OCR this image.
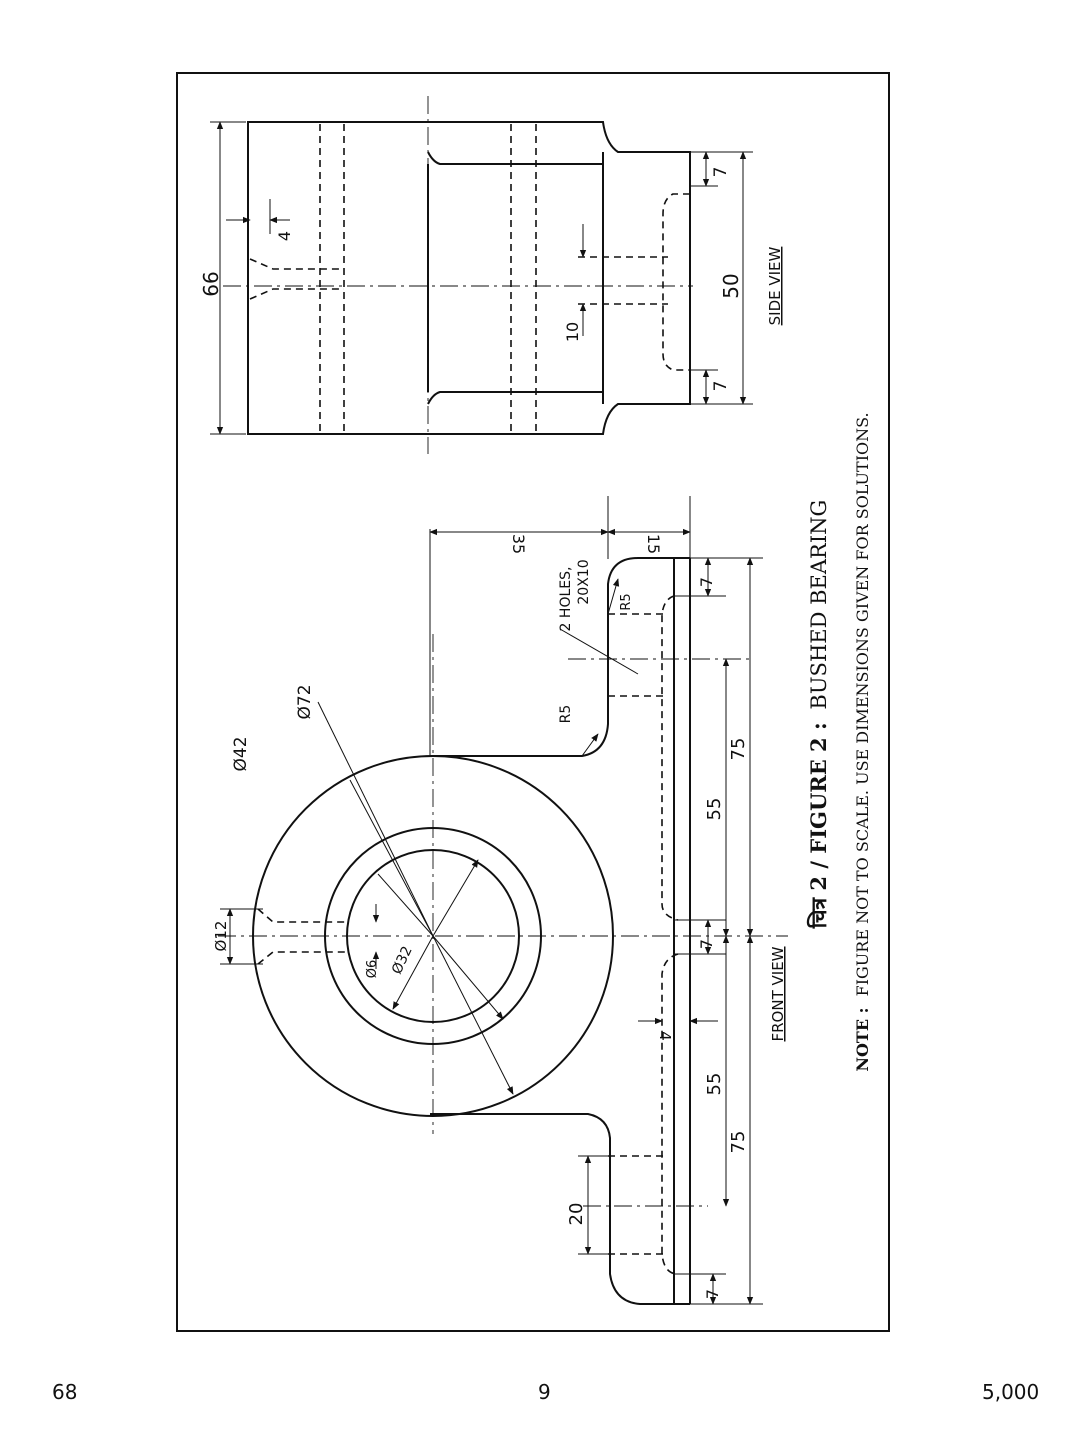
66
4
7
50
10
7
SIDE VIEW
35	15
2 HOLES, 20X10 R5
R5
Ø72
Ø42
Ø12
Ø6 Ø32
4
55
75
55
75
7
7
7
20
FRONT VIEW
चित्र 2 / FIGURE 2 : BUSHED BEARING
NOTE : FIGURE NOT TO SCALE. USE DIMENSIONS GIVEN FOR SOLUTIONS.
68	9	5,000
